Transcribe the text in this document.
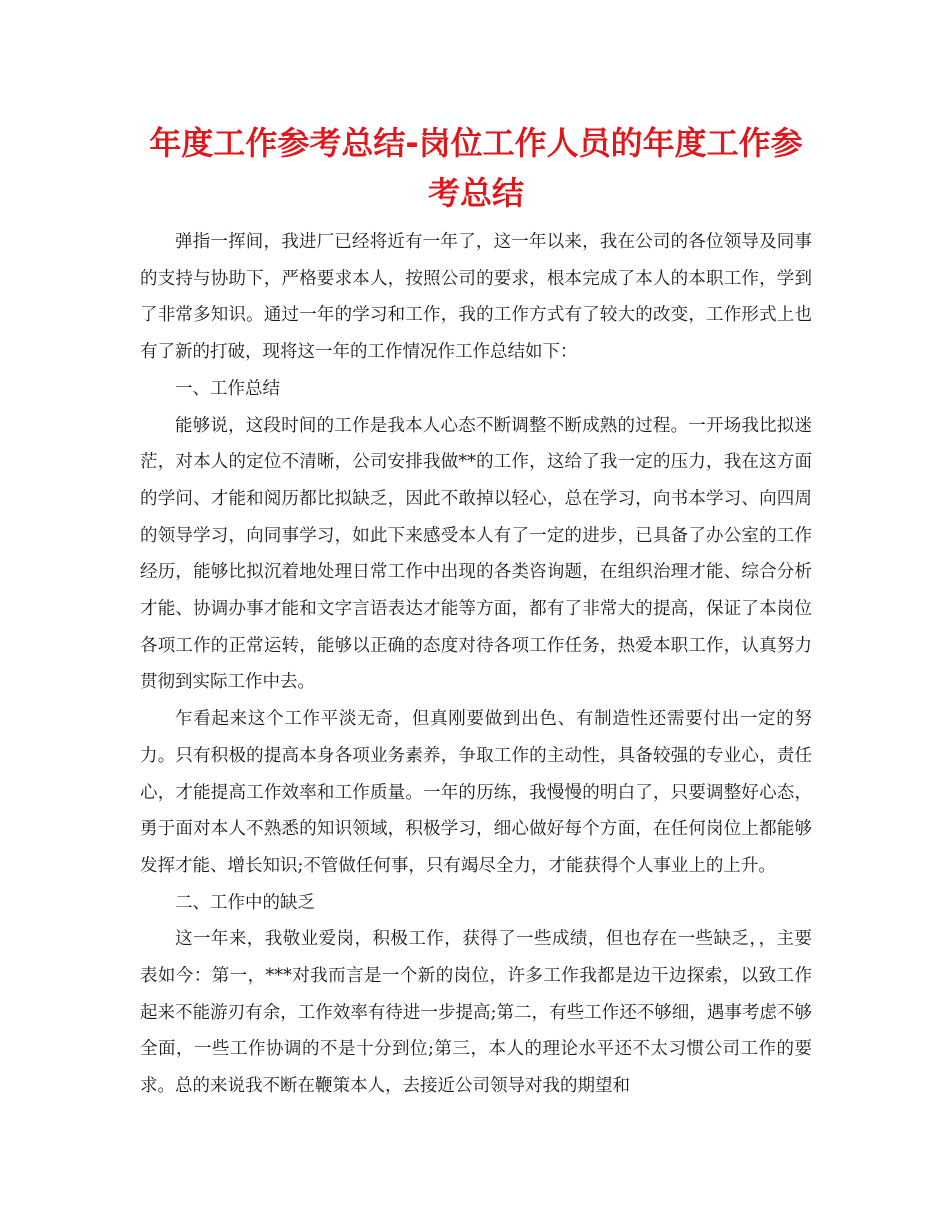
年度工作参考总结-岗位工作人员的年度工作参考总结

弹指一挥间，我进厂已经将近有一年了，这一年以来，我在公司的各位领导及同事的支持与协助下，严格要求本人，按照公司的要求，根本完成了本人的本职工作，学到了非常多知识。通过一年的学习和工作，我的工作方式有了较大的改变，工作形式上也有了新的打破，现将这一年的工作情况作工作总结如下：

一、工作总结

能够说，这段时间的工作是我本人心态不断调整不断成熟的过程。一开场我比拟迷茫，对本人的定位不清晰，公司安排我做**的工作，这给了我一定的压力，我在这方面的学问、才能和阅历都比拟缺乏，因此不敢掉以轻心，总在学习，向书本学习、向四周的领导学习，向同事学习，如此下来感受本人有了一定的进步，已具备了办公室的工作经历，能够比拟沉着地处理日常工作中出现的各类咨询题，在组织治理才能、综合分析才能、协调办事才能和文字言语表达才能等方面，都有了非常大的提高，保证了本岗位各项工作的正常运转，能够以正确的态度对待各项工作任务，热爱本职工作，认真努力贯彻到实际工作中去。

乍看起来这个工作平淡无奇，但真刚要做到出色、有制造性还需要付出一定的努力。只有积极的提高本身各项业务素养，争取工作的主动性，具备较强的专业心，责任心，才能提高工作效率和工作质量。一年的历练，我慢慢的明白了，只要调整好心态，勇于面对本人不熟悉的知识领域，积极学习，细心做好每个方面，在任何岗位上都能够发挥才能、增长知识;不管做任何事，只有竭尽全力，才能获得个人事业上的上升。

二、工作中的缺乏

这一年来，我敬业爱岗，积极工作，获得了一些成绩，但也存在一些缺乏，，主要表如今：第一，***对我而言是一个新的岗位，许多工作我都是边干边探索，以致工作起来不能游刃有余，工作效率有待进一步提高;第二，有些工作还不够细，遇事考虑不够全面，一些工作协调的不是十分到位;第三，本人的理论水平还不太习惯公司工作的要求。总的来说我不断在鞭策本人，去接近公司领导对我的期望和
